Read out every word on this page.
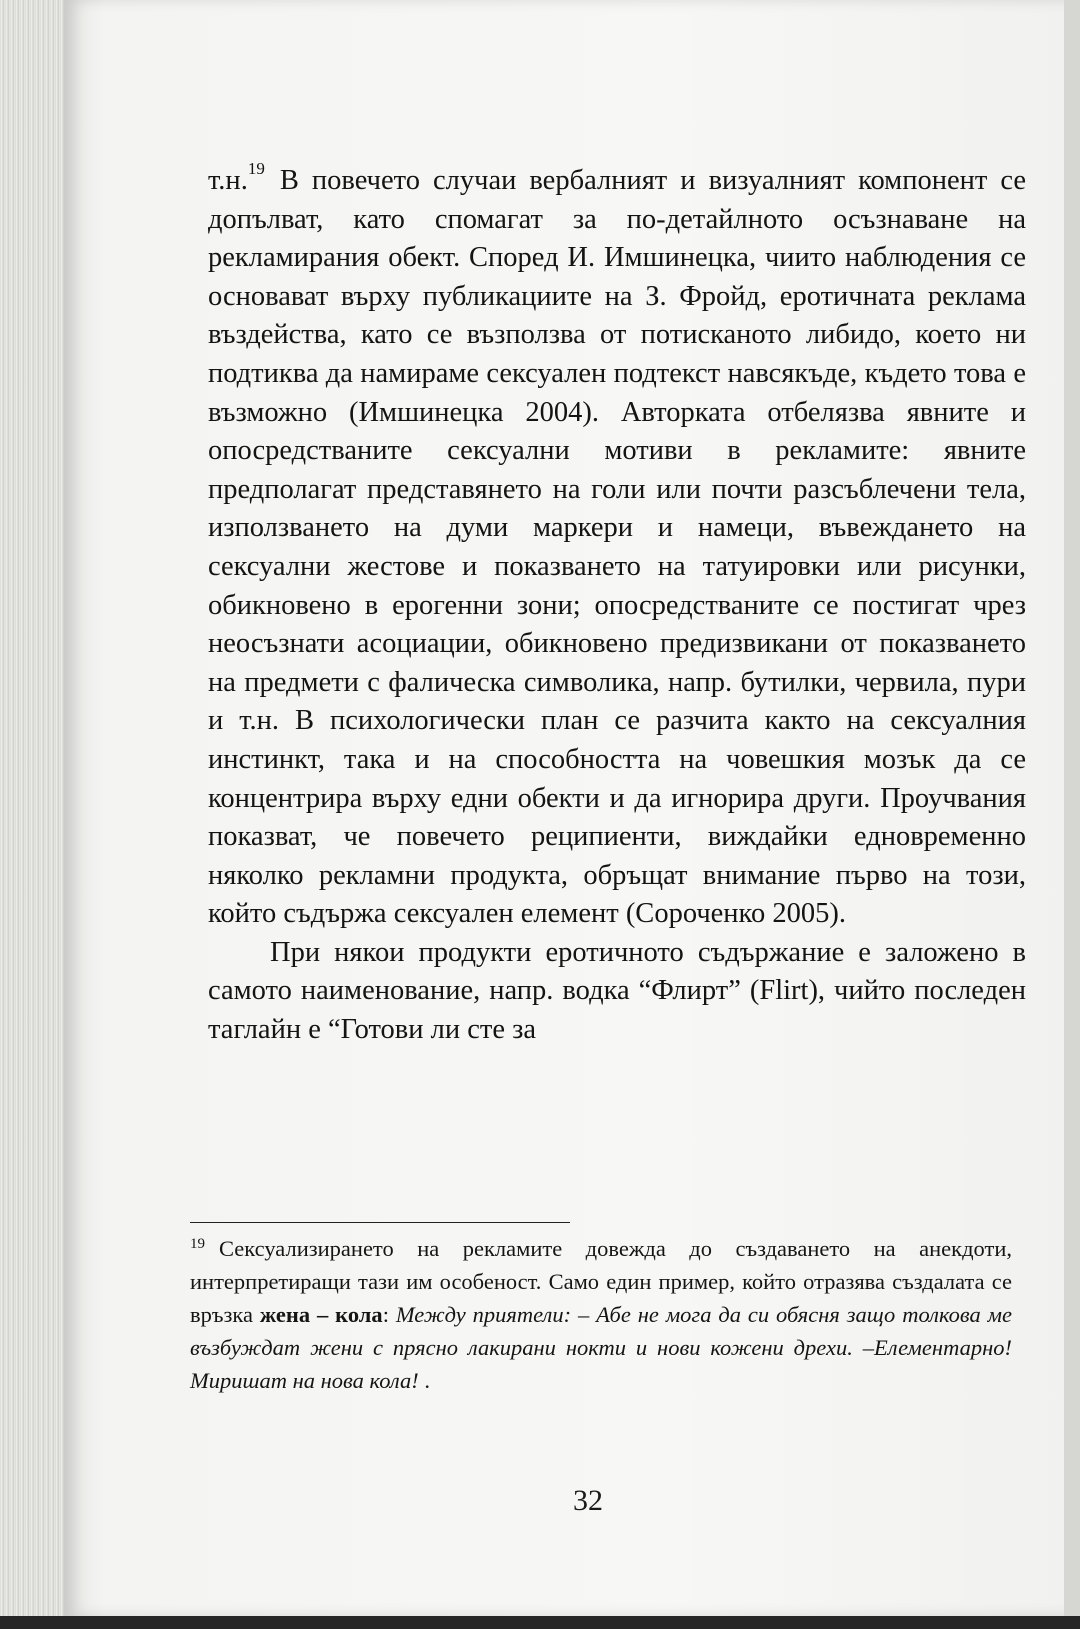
т.н.$^{19}$ В повечето случаи вербалният и визуалният компонент се допълват, като спомагат за по-детайлното осъзнаване на рекламирания обект. Според И. Имшинецка, чиито наблюдения се основават върху публикациите на З. Фройд, еротичната реклама въздейства, като се възползва от потисканото либидо, което ни подтиква да намираме сексуален подтекст навсякъде, където това е възможно (Имшинецка 2004). Авторката отбелязва явните и опосредстваните сексуални мотиви в рекламите: явните предполагат представянето на голи или почти разсъблечени тела, използването на думи маркери и намеци, въвеждането на сексуални жестове и показването на татуировки или рисунки, обикновено в ерогенни зони; опосредстваните се постигат чрез неосъзнати асоциации, обикновено предизвикани от показването на предмети с фалическа символика, напр. бутилки, червила, пури и т.н. В психологически план се разчита както на сексуалния инстинкт, така и на способността на човешкия мозък да се концентрира върху едни обекти и да игнорира други. Проучвания показват, че повечето реципиенти, виждайки едновременно няколко рекламни продукта, обръщат внимание първо на този, който съдържа сексуален елемент (Сороченко 2005).

При някои продукти еротичното съдържание е заложено в самото наименование, напр. водка “Флирт” (Flirt), чийто последен таглайн е “Готови ли сте за

$^{19}$ Сексуализирането на рекламите довежда до създаването на анекдоти, интерпретиращи тази им особеност. Само един пример, който отразява създалата се връзка жена – кола: Между приятели: – Абе не мога да си обясня защо толкова ме възбуждат жени с прясно лакирани нокти и нови кожени дрехи. –Елементарно! Миришат на нова кола! .

32
